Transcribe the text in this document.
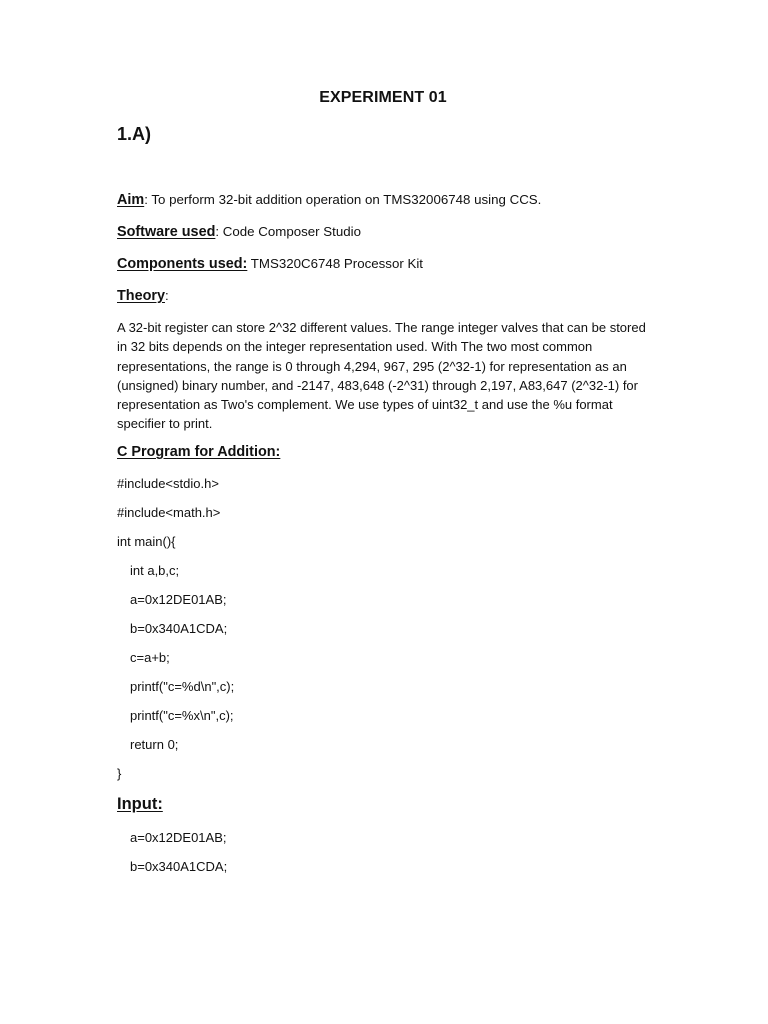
EXPERIMENT 01
1.A)
Aim: To perform 32-bit addition operation on TMS32006748 using CCS.
Software used: Code Composer Studio
Components used: TMS320C6748 Processor Kit
Theory:
A 32-bit register can store 2^32 different values. The range integer valves that can be stored
in 32 bits depends on the integer representation used. With The two most common
representations, the range is 0 through 4,294, 967, 295 (2^32-1) for representation as an
(unsigned) binary number, and -2147, 483,648 (-2^31) through 2,197, A83,647 (2^32-1) for
representation as Two's complement. We use types of uint32_t and use the %u format
specifier to print.
C Program for Addition:
#include<stdio.h>
#include<math.h>
int main(){
int a,b,c;
a=0x12DE01AB;
b=0x340A1CDA;
c=a+b;
printf("c=%d\n",c);
printf("c=%x\n",c);
return 0;
}
Input:
a=0x12DE01AB;
b=0x340A1CDA;
